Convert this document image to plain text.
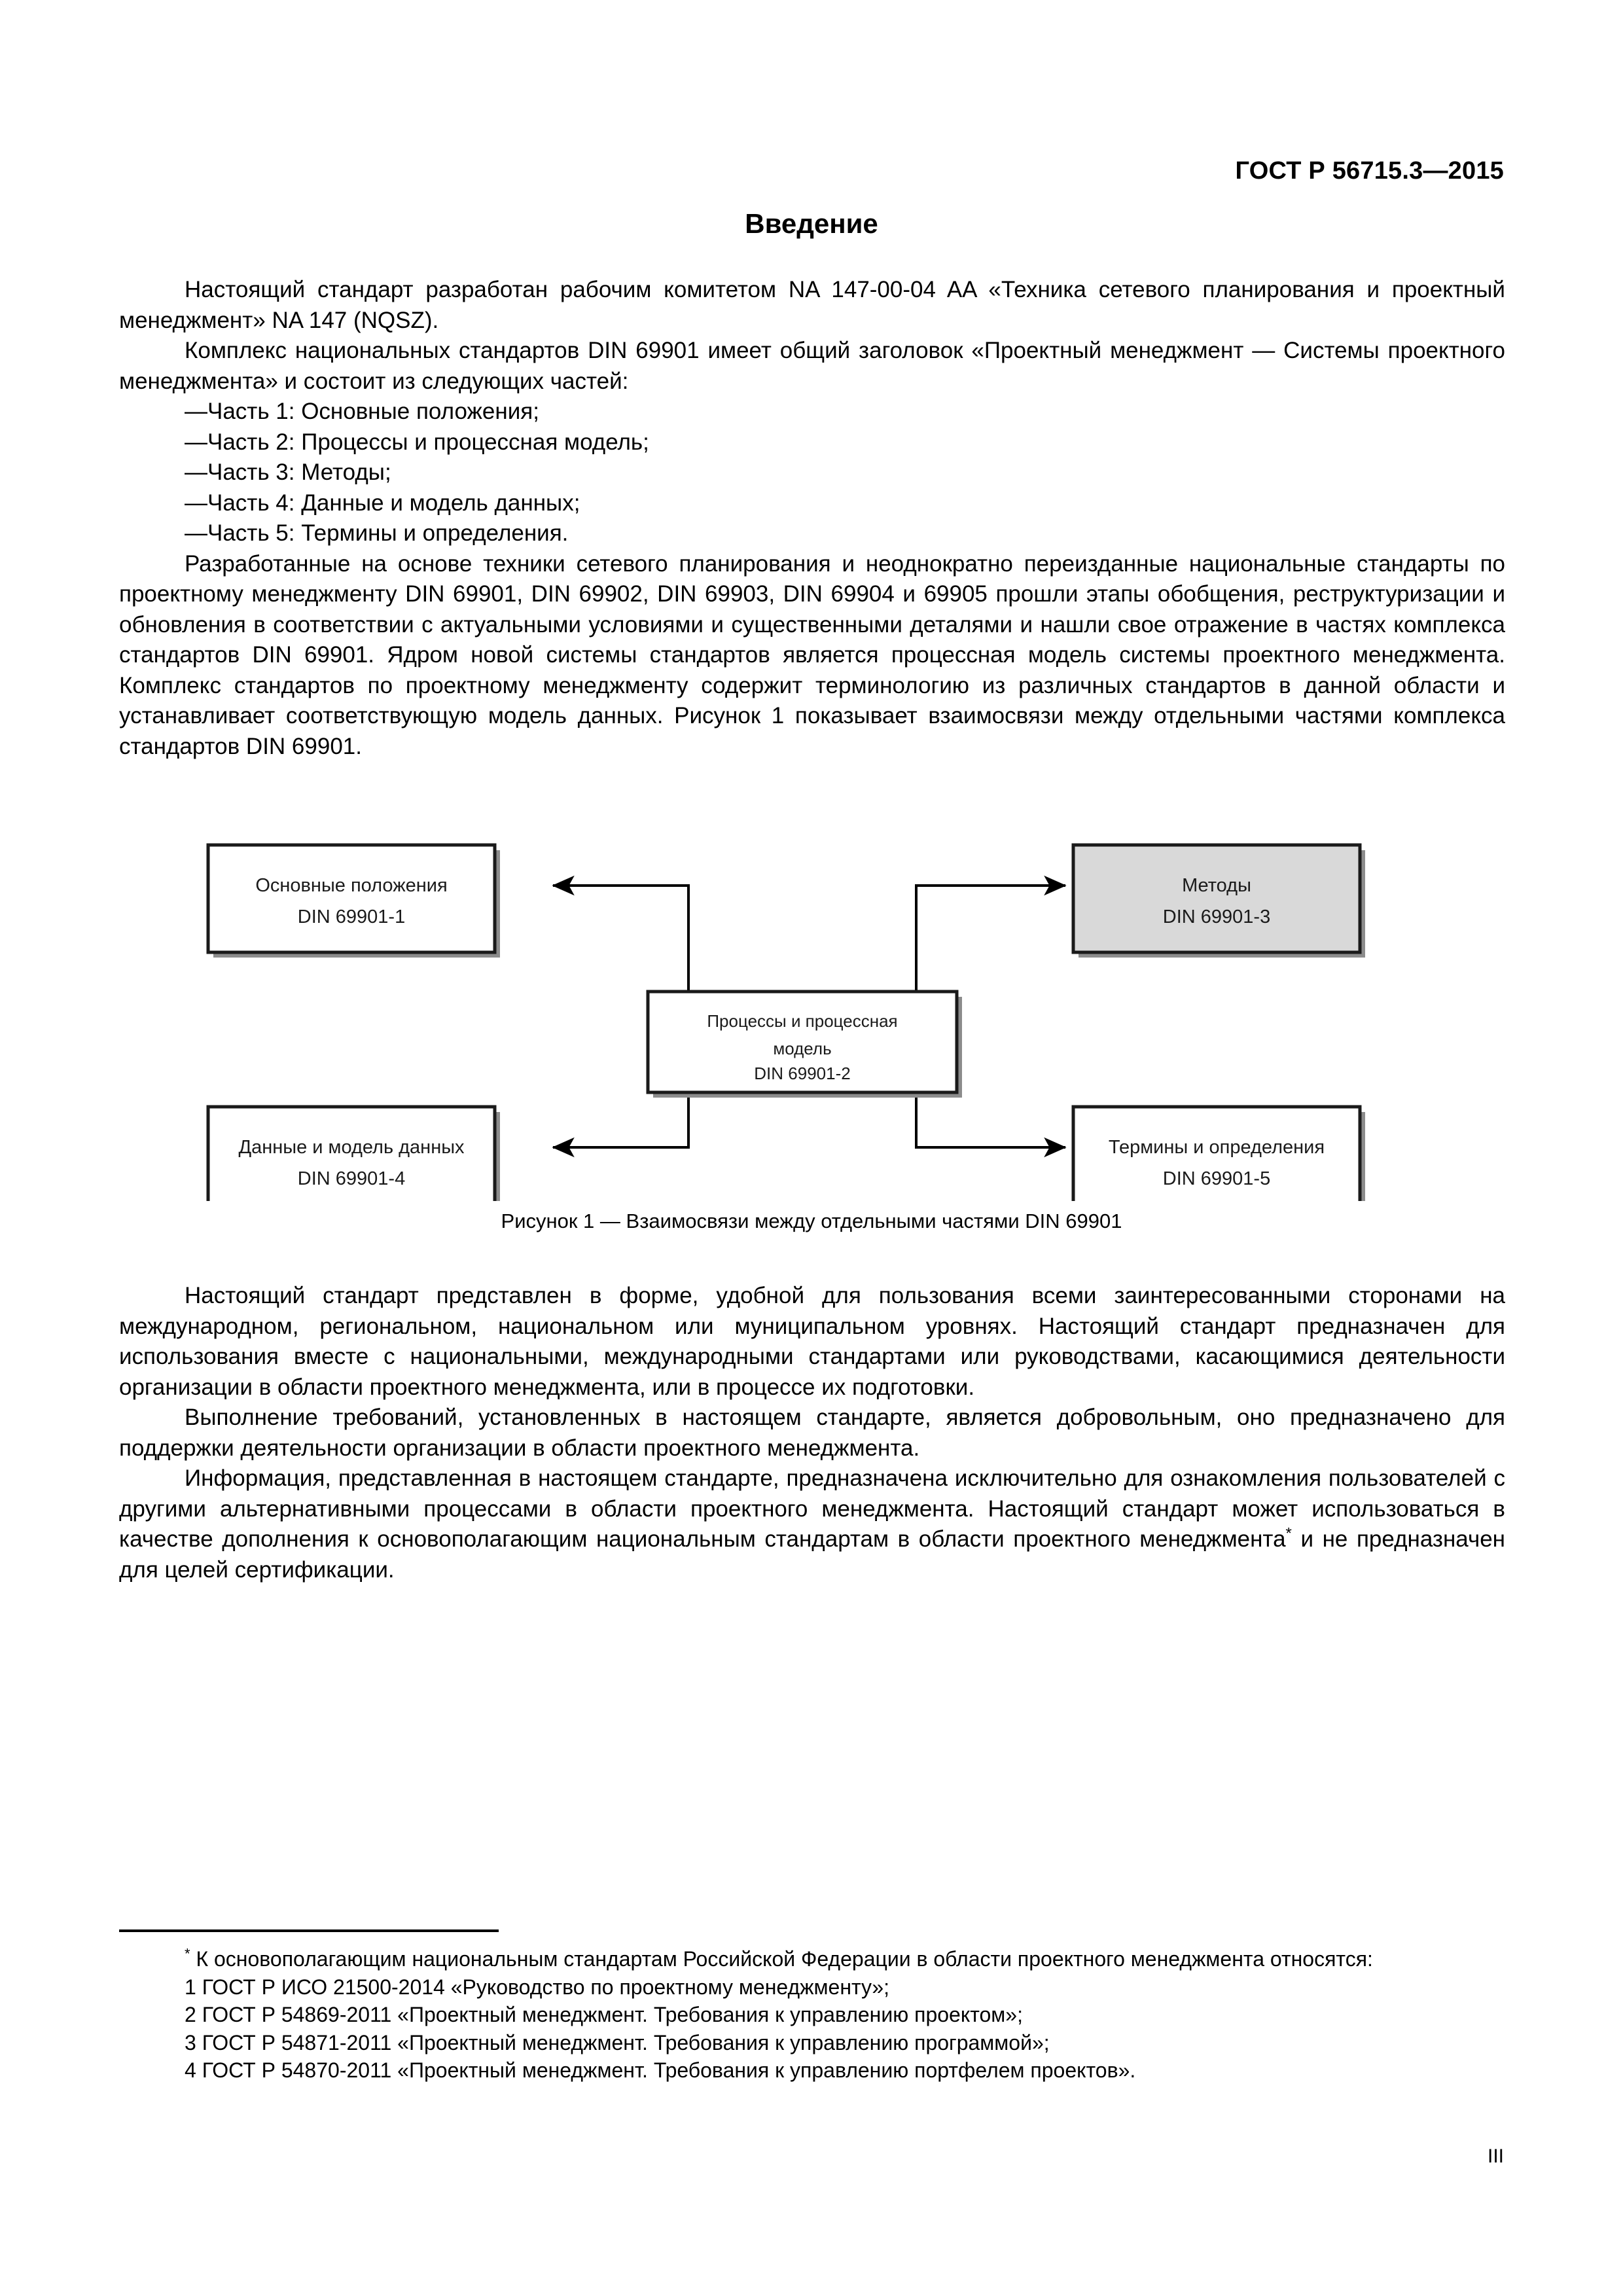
ГОСТ Р 56715.3—2015
Введение

Настоящий стандарт разработан рабочим комитетом NA 147-00-04 AA «Техника сетевого планирования и проектный менеджмент» NA 147 (NQSZ).

Комплекс национальных стандартов DIN 69901 имеет общий заголовок «Проектный менеджмент — Системы проектного менеджмента» и состоит из следующих частей:

—Часть 1: Основные положения;
—Часть 2: Процессы и процессная модель;
—Часть 3: Методы;
—Часть 4: Данные и модель данных;
—Часть 5: Термины и определения.

Разработанные на основе техники сетевого планирования и неоднократно переизданные национальные стандарты по проектному менеджменту DIN 69901, DIN 69902, DIN 69903, DIN 69904 и 69905 прошли этапы обобщения, реструктуризации и обновления в соответствии с актуальными условиями и существенными деталями и нашли свое отражение в частях комплекса стандартов DIN 69901. Ядром новой системы стандартов является процессная модель системы проектного менеджмента. Комплекс стандартов по проектному менеджменту содержит терминологию из различных стандартов в данной области и устанавливает соответствующую модель данных. Рисунок 1 показывает взаимосвязи между отдельными частями комплекса стандартов DIN 69901.

Основные положения
DIN 69901-1
Методы
DIN 69901-3
Процессы и процессная
модель
DIN 69901-2
Данные и модель данных
DIN 69901-4
Термины и определения
DIN 69901-5
Рисунок 1 — Взаимосвязи между отдельными частями DIN 69901

Настоящий стандарт представлен в форме, удобной для пользования всеми заинтересованными сторонами на международном, региональном, национальном или муниципальном уровнях. Настоящий стандарт предназначен для использования вместе с национальными, международными стандартами или руководствами, касающимися деятельности организации в области проектного менеджмента, или в процессе их подготовки.

Выполнение требований, установленных в настоящем стандарте, является добровольным, оно предназначено для поддержки деятельности организации в области проектного менеджмента.

Информация, представленная в настоящем стандарте, предназначена исключительно для ознакомления пользователей с другими альтернативными процессами в области проектного менеджмента. Настоящий стандарт может использоваться в качестве дополнения к основополагающим национальным стандартам в области проектного менеджмента* и не предназначен для целей сертификации.

* К основополагающим национальным стандартам Российской Федерации в области проектного менеджмента относятся:

1 ГОСТ Р ИСО 21500-2014 «Руководство по проектному менеджменту»;
2 ГОСТ Р 54869-2011 «Проектный менеджмент. Требования к управлению проектом»;
3 ГОСТ Р 54871-2011 «Проектный менеджмент. Требования к управлению программой»;
4 ГОСТ Р 54870-2011 «Проектный менеджмент. Требования к управлению портфелем проектов».
III
